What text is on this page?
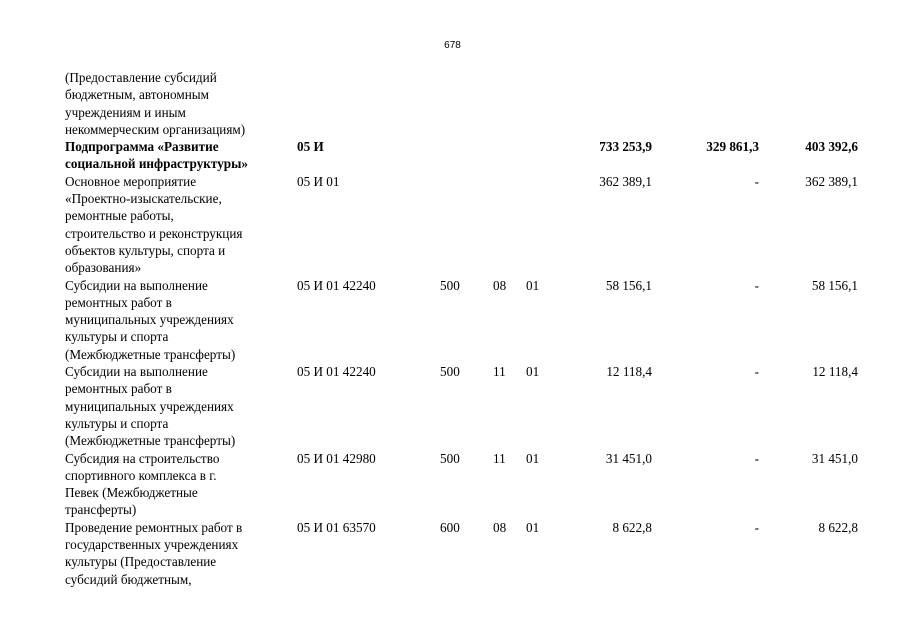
678
(Предоставление субсидий
бюджетным, автономным
учреждениям и иным
некоммерческим организациям)
Подпрограмма «Развитие
социальной инфраструктуры»
05 И	733 253,9	329 861,3	403 392,6
Основное мероприятие
«Проектно-изыскательские,
ремонтные работы,
строительство и реконструкция
объектов культуры, спорта и
образования»
05 И 01	362 389,1	-	362 389,1
Субсидии на выполнение
ремонтных работ в
муниципальных учреждениях
культуры и спорта
(Межбюджетные трансферты)
05 И 01 42240	500	08 01	58 156,1	-	58 156,1
Субсидии на выполнение
ремонтных работ в
муниципальных учреждениях
культуры и спорта
(Межбюджетные трансферты)
05 И 01 42240	500	11 01	12 118,4	-	12 118,4
Субсидия на строительство
спортивного комплекса в г.
Певек (Межбюджетные
трансферты)
05 И 01 42980	500	11 01	31 451,0	-	31 451,0
Проведение ремонтных работ в
государственных учреждениях
культуры (Предоставление
субсидий бюджетным,
05 И 01 63570	600	08 01	8 622,8	-	8 622,8
